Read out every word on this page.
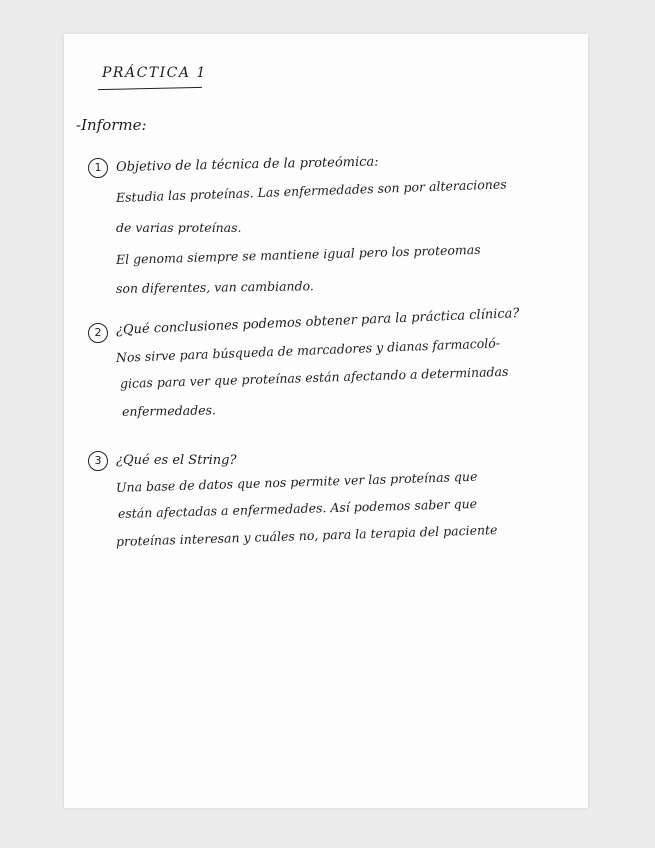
PRÁCTICA 1
-Informe:
1	Objetivo de la técnica de la proteómica:
Estudia las proteínas. Las enfermedades son por alteraciones
de varias proteínas.
El genoma siempre se mantiene igual pero los proteomas
son diferentes, van cambiando.
2	¿Qué conclusiones podemos obtener para la práctica clínica?
Nos sirve para búsqueda de marcadores y dianas farmacoló-
gicas para ver que proteínas están afectando a determinadas
enfermedades.
3	¿Qué es el String?
Una base de datos que nos permite ver las proteínas que
están afectadas a enfermedades. Así podemos saber que
proteínas interesan y cuáles no, para la terapia del paciente
